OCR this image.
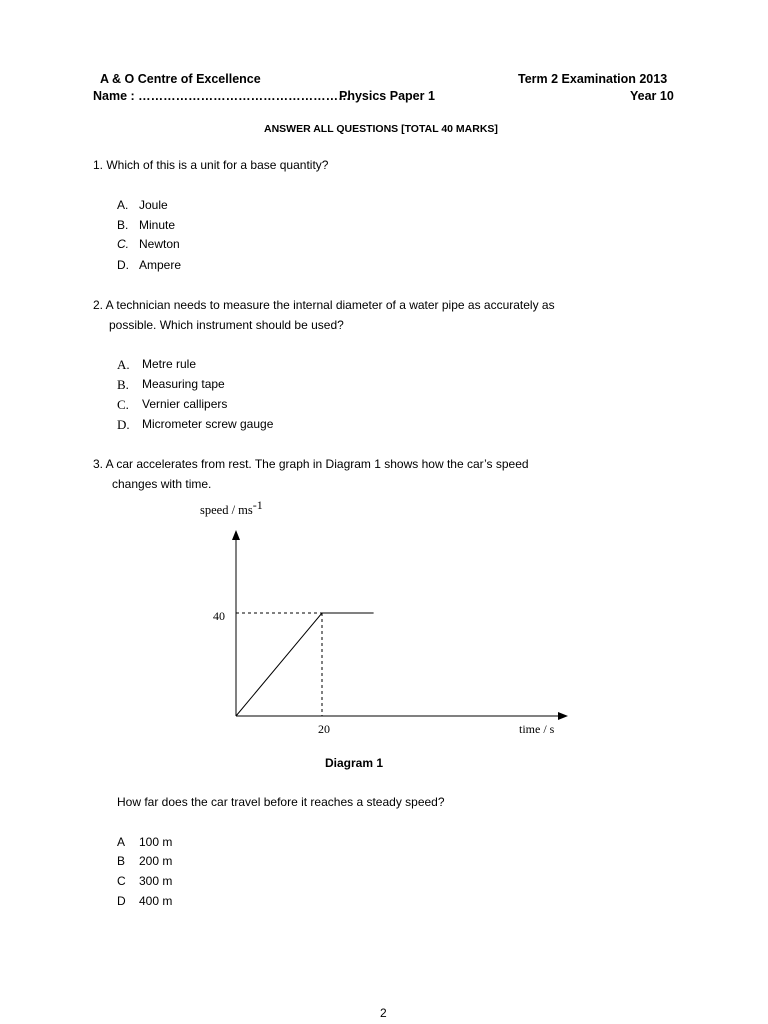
A & O Centre of Excellence	Term 2 Examination 2013
Name : ……………………………………………
Physics Paper 1	Year 10
ANSWER ALL QUESTIONS [TOTAL 40 MARKS]
1. Which of this is a unit for a base quantity?
A. Joule
B. Minute
C. Newton
D. Ampere
2. A technician needs to measure the internal diameter of a water pipe as accurately as
possible. Which instrument should be used?
A. Metre rule
B. Measuring tape
C. Vernier callipers
D. Micrometer screw gauge
3. A car accelerates from rest. The graph in Diagram 1 shows how the car’s speed
changes with time.
speed / $ms^{-1}$
40
20	time / s
Diagram 1
How far does the car travel before it reaches a steady speed?
A 100 m
B 200 m
C 300 m
D 400 m
2
